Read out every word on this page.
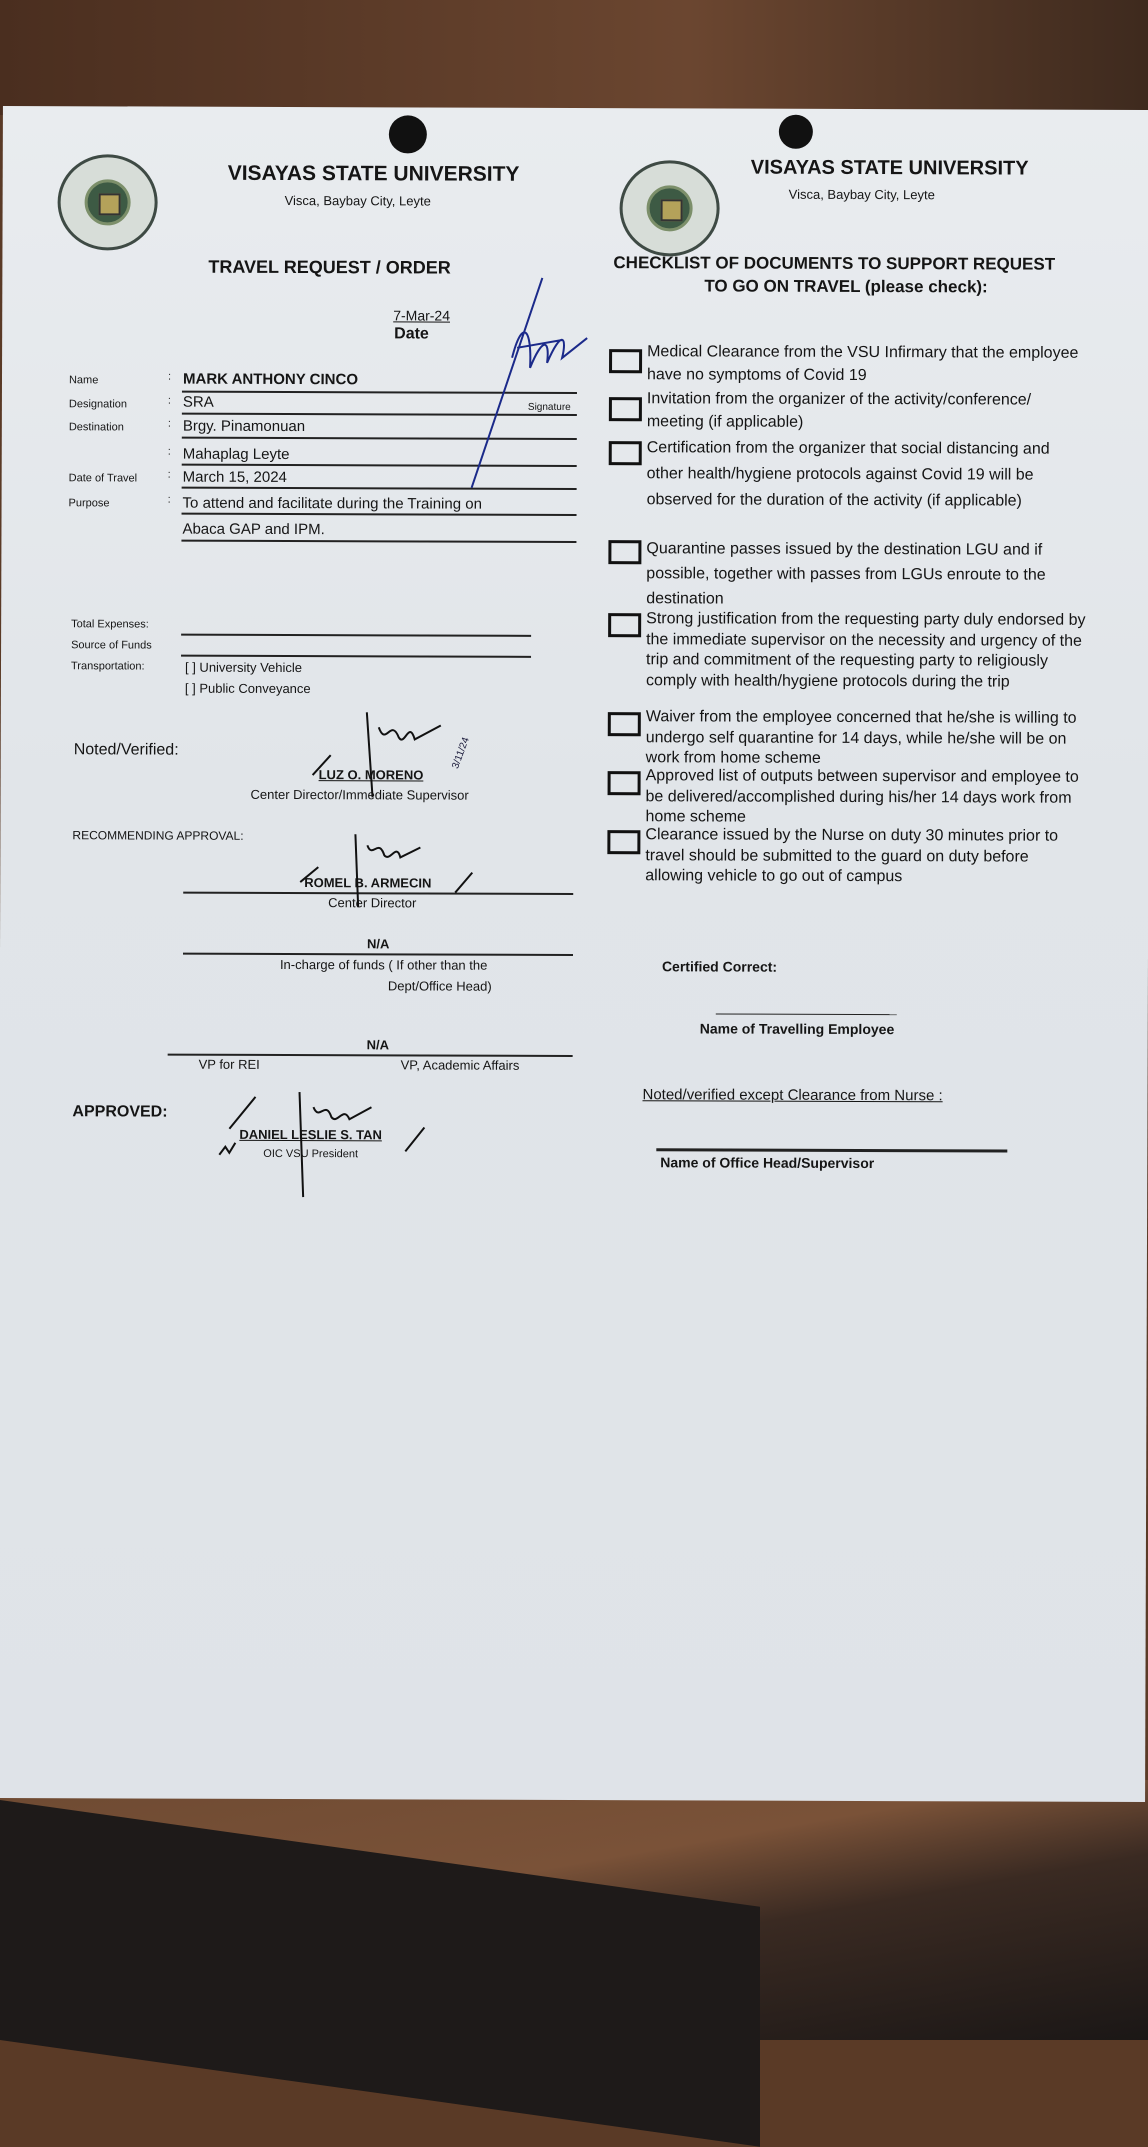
VISAYAS STATE UNIVERSITY
Visca, Baybay City, Leyte
TRAVEL REQUEST / ORDER
7-Mar-24
Date
Name	: MARK ANTHONY CINCO
Designation	: SRA	Signature
Destination	: Brgy. Pinamonuan
: Mahaplag Leyte
Date of Travel	: March 15, 2024
Purpose	: To attend and facilitate during the Training on
Abaca GAP and IPM.
Total Expenses:
Source of Funds
Transportation:	[ ] University Vehicle
[ ] Public Conveyance
Noted/Verified:
LUZ O. MORENO
3/11/24
Center Director/Immediate Supervisor
RECOMMENDING APPROVAL:
ROMEL B. ARMECIN
Center Director
N/A
In-charge of funds ( If other than the
Dept/Office Head)
N/A
VP for REI	VP, Academic Affairs
APPROVED:
DANIEL LESLIE S. TAN
OIC VSU President
VISAYAS STATE UNIVERSITY
Visca, Baybay City, Leyte
CHECKLIST OF DOCUMENTS TO SUPPORT REQUEST
TO GO ON TRAVEL (please check):
Medical Clearance from the VSU Infirmary that the employee have no symptoms of Covid 19
Invitation from the organizer of the activity/conference/ meeting (if applicable)
Certification from the organizer that social distancing and other health/hygiene protocols against Covid 19 will be observed for the duration of the activity (if applicable)
Quarantine passes issued by the destination LGU and if possible, together with passes from LGUs enroute to the destination
Strong justification from the requesting party duly endorsed by the immediate supervisor on the necessity and urgency of the trip and commitment of the requesting party to religiously comply with health/hygiene protocols during the trip
Waiver from the employee concerned that he/she is willing to undergo self quarantine for 14 days, while he/she will be on work from home scheme
Approved list of outputs between supervisor and employee to be delivered/accomplished during his/her 14 days work from home scheme
Clearance issued by the Nurse on duty 30 minutes prior to travel should be submitted to the guard on duty before allowing vehicle to go out of campus
Certified Correct:
Name of Travelling Employee
Noted/verified except Clearance from Nurse :
Name of Office Head/Supervisor
